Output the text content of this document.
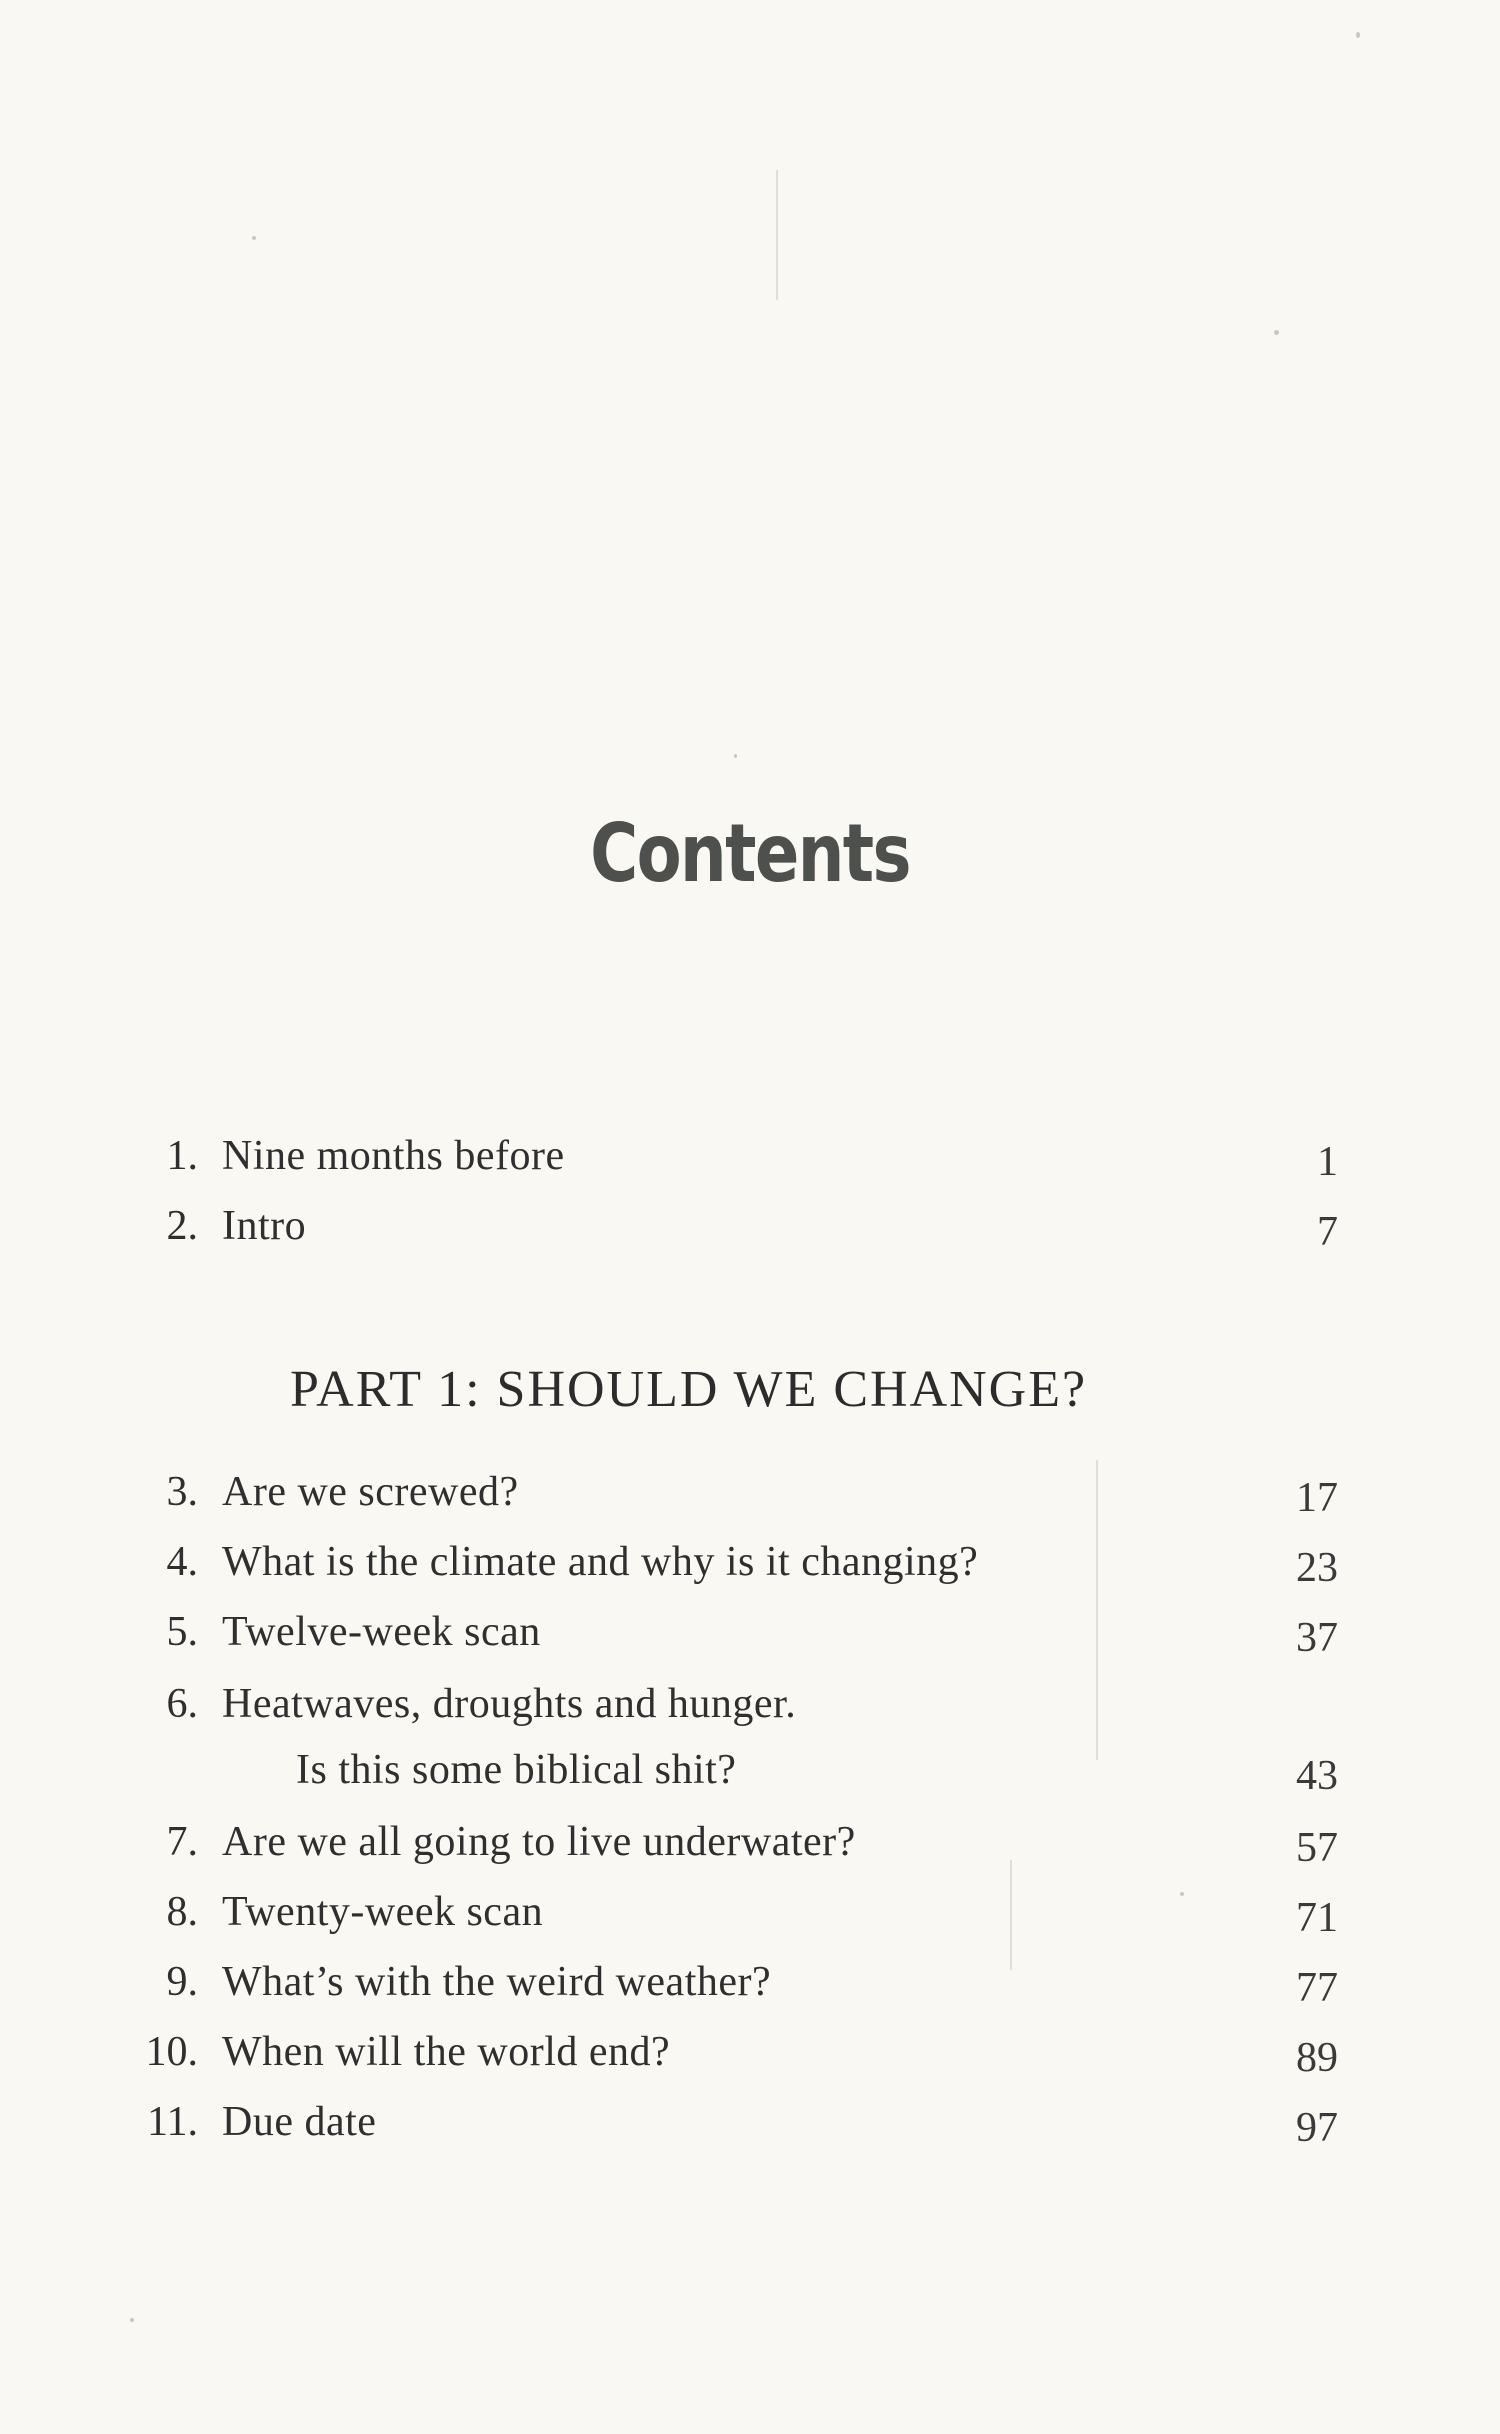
Contents
1. Nine months before	1
2. Intro	7
PART 1: SHOULD WE CHANGE?
3. Are we screwed?	17
4. What is the climate and why is it changing?	23
5. Twelve-week scan	37
6. Heatwaves, droughts and hunger.
Is this some biblical shit?	43
7. Are we all going to live underwater?	57
8. Twenty-week scan	71
9. What’s with the weird weather?	77
10. When will the world end?	89
11. Due date	97
